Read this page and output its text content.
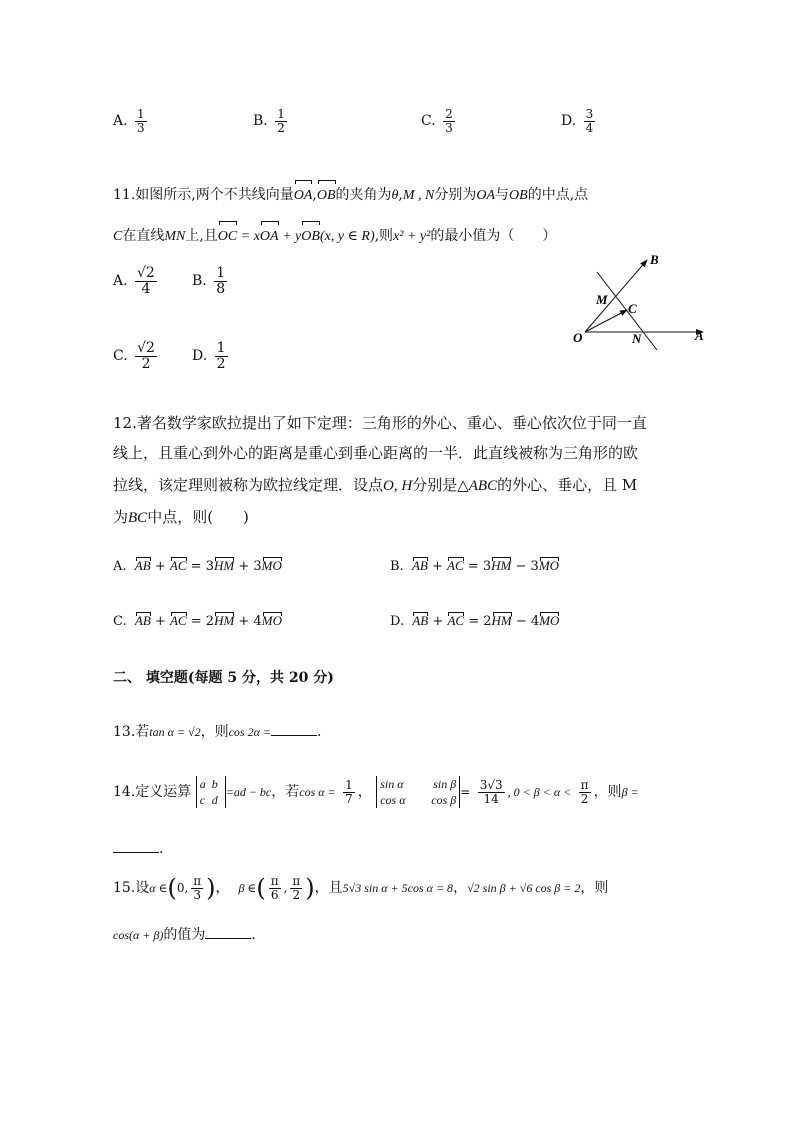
A. $\frac{1}{3}$	B. $\frac{1}{2}$	C. $\frac{2}{3}$	D. $\frac{3}{4}$
11.如图所示,两个不共线向量OA,OB的夹角为θ,M , N分别为OA与OB的中点,点
C在直线MN上,且OC = xOA + yOB(x, y ∈ R),则x² + y²的最小值为（　　）
A. $\frac{√2}{4}$	B. $\frac{1}{8}$
C. $\frac{√2}{2}$	D. $\frac{1}{2}$
B
M
C
O	N	A
12.著名数学家欧拉提出了如下定理：三角形的外心、重心、垂心依次位于同一直
线上，且重心到外心的距离是重心到垂心距离的一半．此直线被称为三角形的欧
拉线，该定理则被称为欧拉线定理．设点O, H分别是△ABC的外心、垂心，且 M
为BC中点，则(　　)
A. AB + AC = 3HM + 3MO	B. AB + AC = 3HM − 3MO
C. AB + AC = 2HM + 4MO	D. AB + AC = 2HM − 4MO
二、 填空题(每题 5 分，共 20 分)
13.若tan α = √2，则cos 2α =	.
14.定义运算 a b
c d=ad − bc，若$\cos \alpha = \frac{1}{7}$ ， sin α sin β
cos α $\cos \beta= \frac{3√3}{14}$ , $0 < \beta < \alpha < \frac{\pi}{2}$ ，则β =
.
15.设α ∈(0, $\frac{\pi}{3}$ )， β ∈( $\frac{\pi}{6}$ , $\frac{\pi}{2}$ )，且5√3 sin α + 5cos α = 8，√2 sin β + √6 cos β = 2，则
cos(α + β)的值为	.
